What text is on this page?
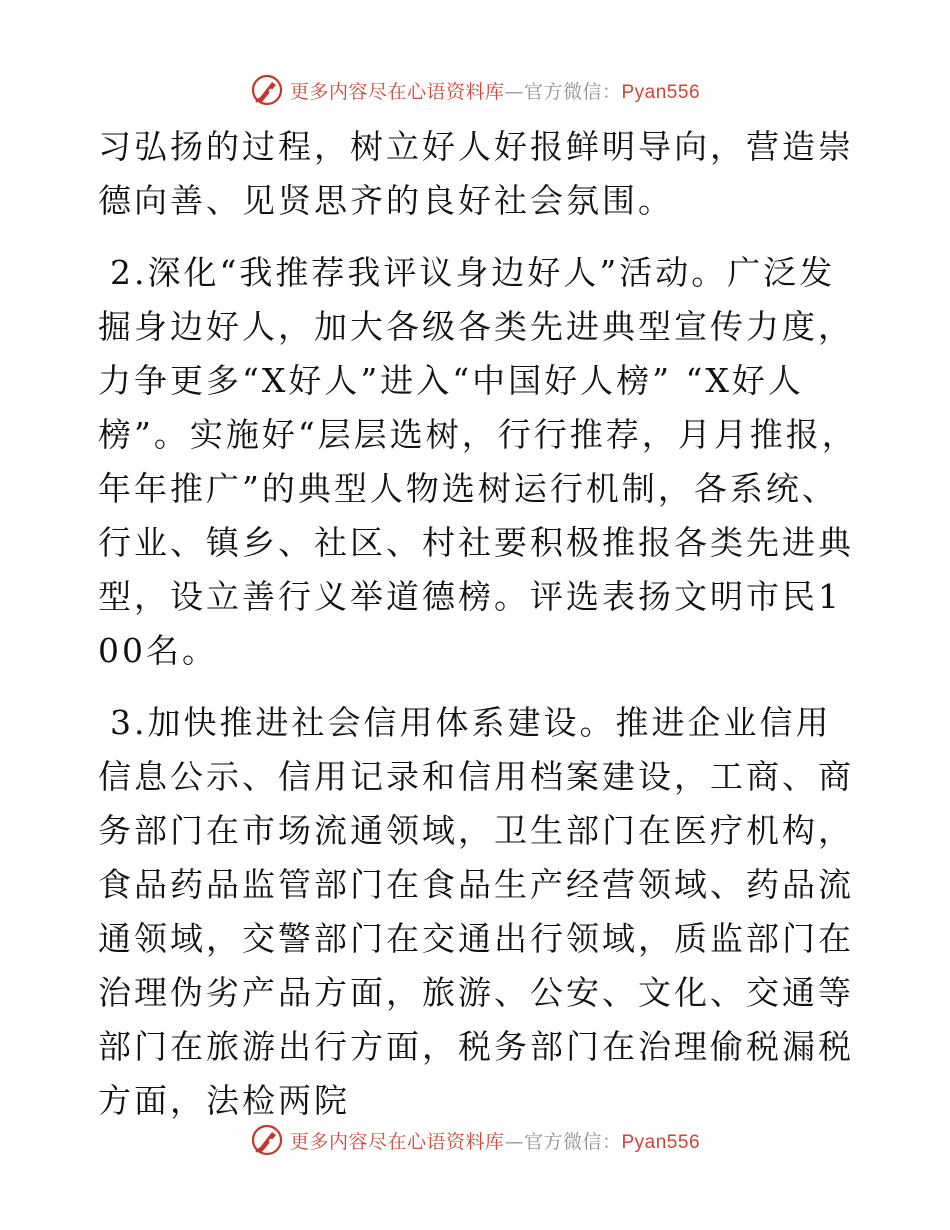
更多内容尽在心语资料库—官方微信：Pyan556

习弘扬的过程，树立好人好报鲜明导向，营造崇德向善、见贤思齐的良好社会氛围。

2.深化“我推荐我评议身边好人”活动。广泛发掘身边好人，加大各级各类先进典型宣传力度，力争更多“X好人”进入“中国好人榜” “X好人榜”。实施好“层层选树，行行推荐，月月推报，年年推广”的典型人物选树运行机制，各系统、行业、镇乡、社区、村社要积极推报各类先进典型，设立善行义举道德榜。评选表扬文明市民100名。

3.加快推进社会信用体系建设。推进企业信用信息公示、信用记录和信用档案建设，工商、商务部门在市场流通领域，卫生部门在医疗机构，食品药品监管部门在食品生产经营领域、药品流通领域，交警部门在交通出行领域，质监部门在治理伪劣产品方面，旅游、公安、文化、交通等部门在旅游出行方面，税务部门在治理偷税漏税方面，法检两院

更多内容尽在心语资料库—官方微信：Pyan556
